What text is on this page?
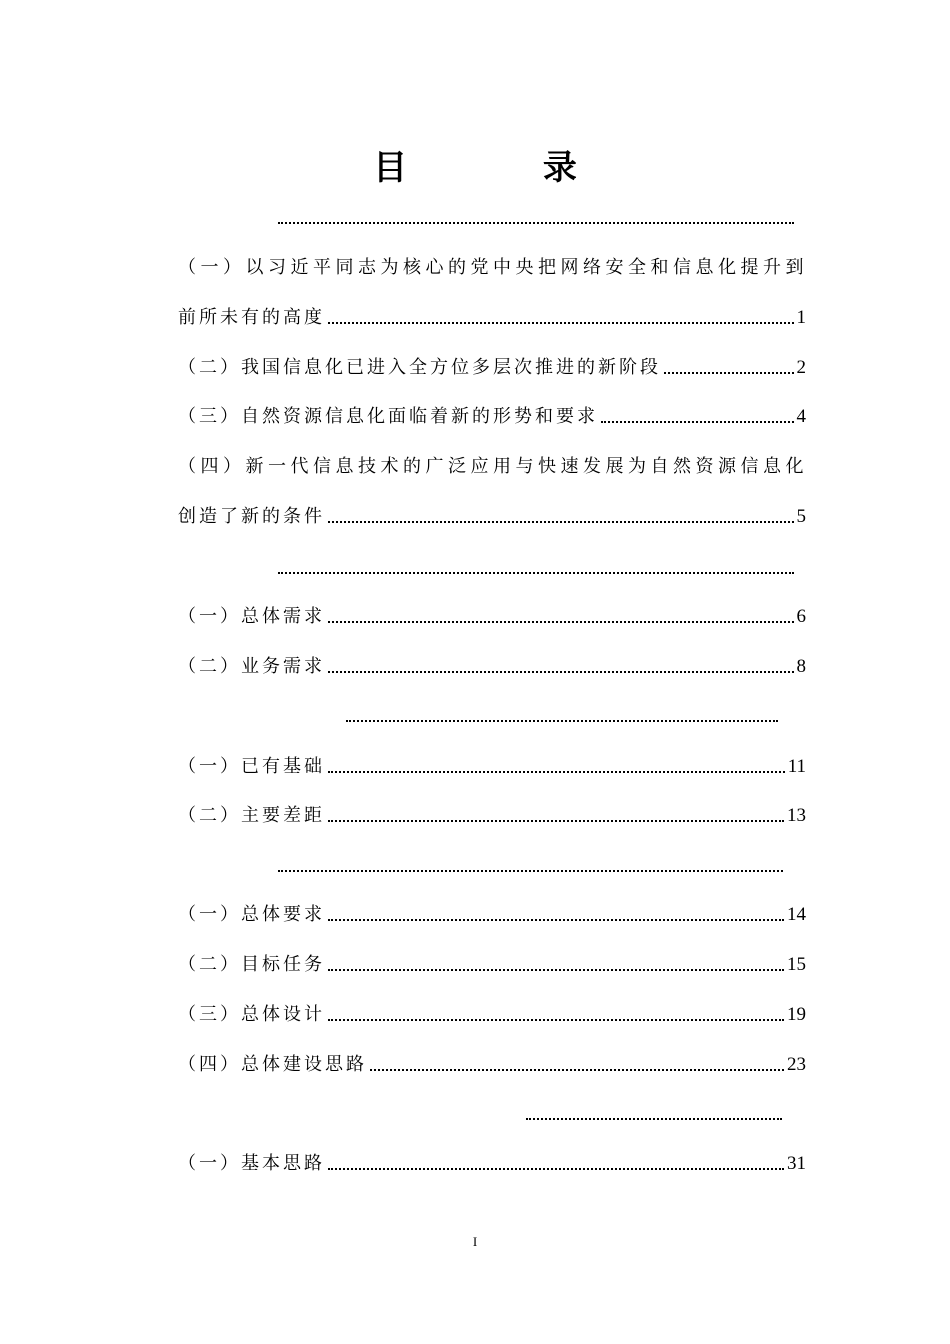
目 录
（一）以习近平同志为核心的党中央把网络安全和信息化提升到
前所未有的高度	1
（二）我国信息化已进入全方位多层次推进的新阶段	2
（三）自然资源信息化面临着新的形势和要求	4
（四）新一代信息技术的广泛应用与快速发展为自然资源信息化
创造了新的条件	5
（一）总体需求	6
（二）业务需求	8
（一）已有基础	11
（二）主要差距	13
（一）总体要求	14
（二）目标任务	15
（三）总体设计	19
（四）总体建设思路	23
（一）基本思路	31
I
